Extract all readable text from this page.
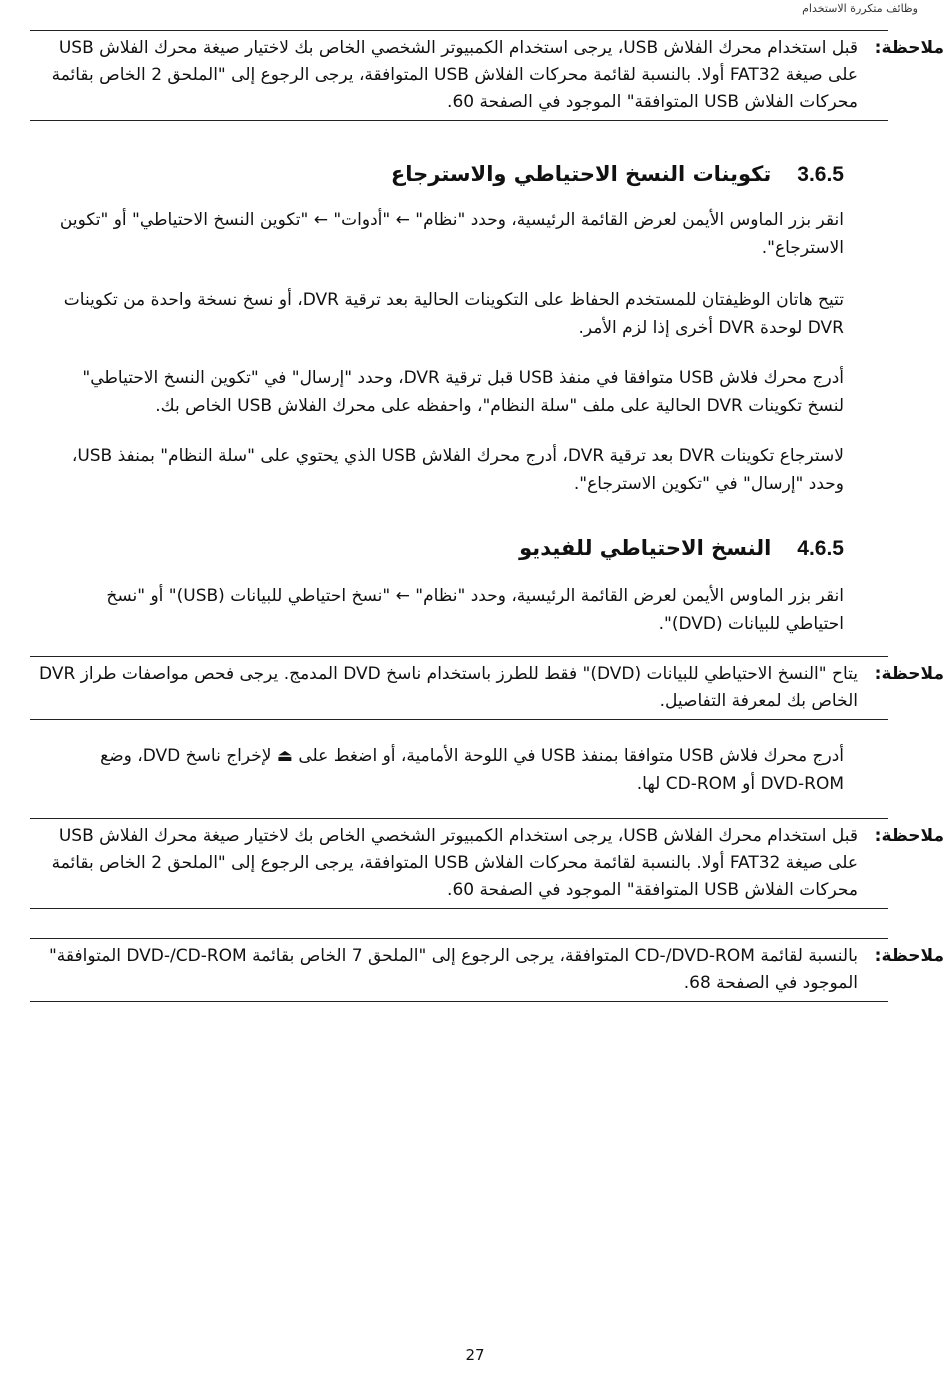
وظائف متكررة الاستخدام
ملاحظة:
قبل استخدام محرك الفلاش USB، يرجى استخدام الكمبيوتر الشخصي الخاص بك لاختيار صيغة محرك الفلاش USB على صيغة FAT32 أولا. بالنسبة لقائمة محركات الفلاش USB المتوافقة، يرجى الرجوع إلى "الملحق 2 الخاص بقائمة محركات الفلاش USB المتوافقة" الموجود في الصفحة 60.
3.6.5
تكوينات النسخ الاحتياطي والاسترجاع
انقر بزر الماوس الأيمن لعرض القائمة الرئيسية، وحدد "نظام" ← "أدوات" ← "تكوين النسخ الاحتياطي" أو "تكوين الاسترجاع".
تتيح هاتان الوظيفتان للمستخدم الحفاظ على التكوينات الحالية بعد ترقية DVR، أو نسخ نسخة واحدة من تكوينات DVR لوحدة DVR أخرى إذا لزم الأمر.
أدرج محرك فلاش USB متوافقا في منفذ USB قبل ترقية DVR، وحدد "إرسال" في "تكوين النسخ الاحتياطي" لنسخ تكوينات DVR الحالية على ملف "سلة النظام"، واحفظه على محرك الفلاش USB الخاص بك.
لاسترجاع تكوينات DVR بعد ترقية DVR، أدرج محرك الفلاش USB الذي يحتوي على "سلة النظام" بمنفذ USB، وحدد "إرسال" في "تكوين الاسترجاع".
4.6.5
النسخ الاحتياطي للفيديو
انقر بزر الماوس الأيمن لعرض القائمة الرئيسية، وحدد "نظام" ← "نسخ احتياطي للبيانات (USB)" أو "نسخ احتياطي للبيانات (DVD)".
ملاحظة:
يتاح "النسخ الاحتياطي للبيانات (DVD)" فقط للطرز باستخدام ناسخ DVD المدمج. يرجى فحص مواصفات طراز DVR الخاص بك لمعرفة التفاصيل.
أدرج محرك فلاش USB متوافقا بمنفذ USB في اللوحة الأمامية، أو اضغط على ⏏ لإخراج ناسخ DVD، وضع DVD-ROM أو CD-ROM لها.
ملاحظة:
قبل استخدام محرك الفلاش USB، يرجى استخدام الكمبيوتر الشخصي الخاص بك لاختيار صيغة محرك الفلاش USB على صيغة FAT32 أولا. بالنسبة لقائمة محركات الفلاش USB المتوافقة، يرجى الرجوع إلى "الملحق 2 الخاص بقائمة محركات الفلاش USB المتوافقة" الموجود في الصفحة 60.
ملاحظة:
بالنسبة لقائمة CD-/DVD-ROM المتوافقة، يرجى الرجوع إلى "الملحق 7 الخاص بقائمة DVD-/CD-ROM المتوافقة" الموجود في الصفحة 68.
27
